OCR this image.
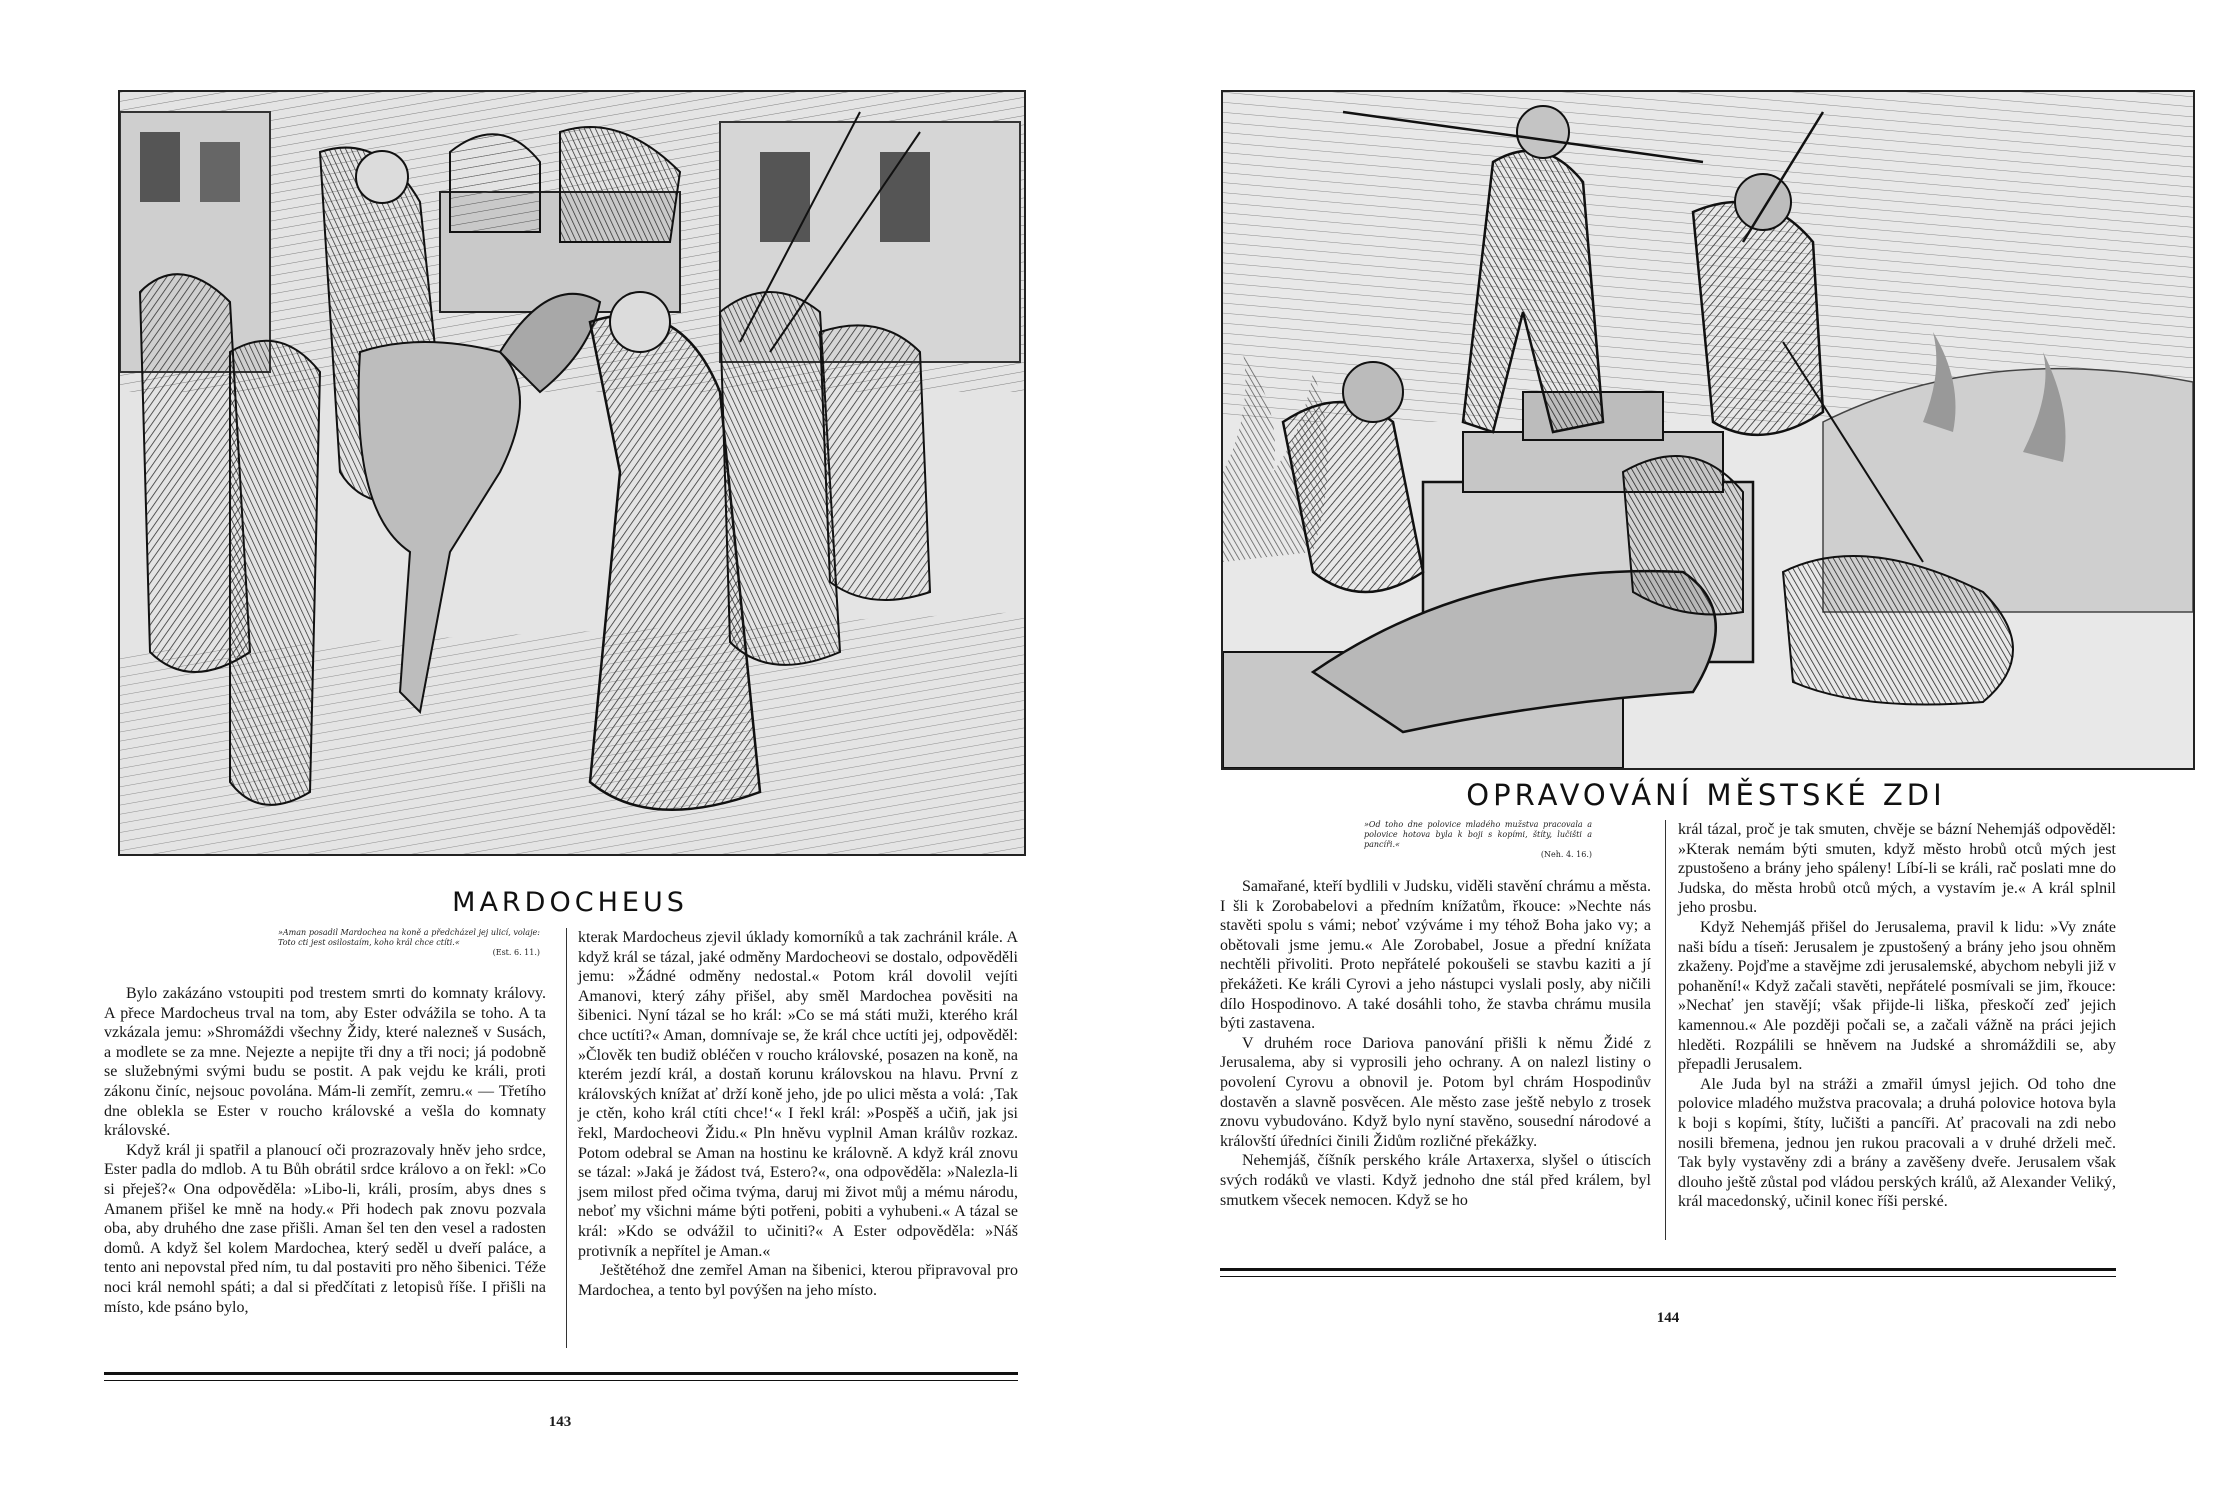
MARDOCHEUS
»Aman posadil Mardochea na koně a předcházel jej ulicí, volaje: Toto cti jest osilostaím, koho král chce ctíti.«
(Est. 6. 11.)

Bylo zakázáno vstoupiti pod trestem smrti do komnaty královy. A přece Mardocheus trval na tom, aby Ester odvážila se toho. A ta vzkázala jemu: »Shromáždi všechny Židy, které nalezneš v Susách, a modlete se za mne. Nejezte a nepijte tři dny a tři noci; já podobně se služebnými svými budu se postit. A pak vejdu ke králi, proti zákonu činíc, nejsouc povolána. Mám-li zemřít, zemru.« — Třetího dne oblekla se Ester v roucho královské a vešla do komnaty královské.

Když král ji spatřil a planoucí oči prozrazovaly hněv jeho srdce, Ester padla do mdlob. A tu Bůh obrátil srdce královo a on řekl: »Co si přeješ?« Ona odpověděla: »Libo-li, králi, prosím, abys dnes s Amanem přišel ke mně na hody.« Při hodech pak znovu pozvala oba, aby druhého dne zase přišli. Aman šel ten den vesel a radosten domů. A když šel kolem Mardochea, který seděl u dveří paláce, a tento ani nepovstal před ním, tu dal postaviti pro něho šibenici. Téže noci král nemohl spáti; a dal si předčítati z letopisů říše. I přišli na místo, kde psáno bylo,

kterak Mardocheus zjevil úklady komorníků a tak zachránil krále. A když král se tázal, jaké odměny Mardocheovi se dostalo, odpověděli jemu: »Žádné odměny nedostal.« Potom král dovolil vejíti Amanovi, který záhy přišel, aby směl Mardochea pověsiti na šibenici. Nyní tázal se ho král: »Co se má státi muži, kterého král chce uctíti?« Aman, domnívaje se, že král chce uctíti jej, odpověděl: »Člověk ten budiž obléčen v roucho královské, posazen na koně, na kterém jezdí král, a dostaň korunu královskou na hlavu. První z královských knížat ať drží koně jeho, jde po ulici města a volá: ‚Tak je ctěn, koho král ctíti chce!‘« I řekl král: »Pospěš a učiň, jak jsi řekl, Mardocheovi Židu.« Pln hněvu vyplnil Aman králův rozkaz. Potom odebral se Aman na hostinu ke královně. A když král znovu se tázal: »Jaká je žádost tvá, Estero?«, ona odpověděla: »Nalezla-li jsem milost před očima tvýma, daruj mi život můj a mému národu, neboť my všichni máme býti potřeni, pobiti a vyhubeni.« A tázal se král: »Kdo se odvážil to učiniti?« A Ester odpověděla: »Náš protivník a nepřítel je Aman.«

Ještětéhož dne zemřel Aman na šibenici, kterou připravoval pro Mardochea, a tento byl povýšen na jeho místo.

143
OPRAVOVÁNÍ MĚSTSKÉ ZDI
»Od toho dne polovice mladého mužstva pracovala a polovice hotova byla k boji s kopími, štíty, lučišti a pancíři.«
(Neh. 4. 16.)

Samařané, kteří bydlili v Judsku, viděli stavění chrámu a města. I šli k Zorobabelovi a předním knížatům, řkouce: »Nechte nás stavěti spolu s vámi; neboť vzýváme i my téhož Boha jako vy; a obětovali jsme jemu.« Ale Zorobabel, Josue a přední knížata nechtěli přivoliti. Proto nepřátelé pokoušeli se stavbu kaziti a jí překážeti. Ke králi Cyrovi a jeho nástupci vyslali posly, aby ničili dílo Hospodinovo. A také dosáhli toho, že stavba chrámu musila býti zastavena.

V druhém roce Dariova panování přišli k němu Židé z Jerusalema, aby si vyprosili jeho ochrany. A on nalezl listiny o povolení Cyrovu a obnovil je. Potom byl chrám Hospodinův dostavěn a slavně posvěcen. Ale město zase ještě nebylo z trosek znovu vybudováno. Když bylo nyní stavěno, sousední národové a královští úředníci činili Židům rozličné překážky.

Nehemjáš, číšník perského krále Artaxerxa, slyšel o útiscích svých rodáků ve vlasti. Když jednoho dne stál před králem, byl smutkem všecek nemocen. Když se ho

král tázal, proč je tak smuten, chvěje se bázní Nehemjáš odpověděl: »Kterak nemám býti smuten, když město hrobů otců mých jest zpustošeno a brány jeho spáleny! Líbí-li se králi, rač poslati mne do Judska, do města hrobů otců mých, a vystavím je.« A král splnil jeho prosbu.

Když Nehemjáš přišel do Jerusalema, pravil k lidu: »Vy znáte naši bídu a tíseň: Jerusalem je zpustošený a brány jeho jsou ohněm zkaženy. Pojďme a stavějme zdi jerusalemské, abychom nebyli již v pohanění!« Když začali stavěti, nepřátelé posmívali se jim, řkouce: »Nechať jen stavějí; však přijde-li liška, přeskočí zeď jejich kamennou.« Ale později počali se, a začali vážně na práci jejich hleděti. Rozpálili se hněvem na Judské a shromáždili se, aby přepadli Jerusalem.

Ale Juda byl na stráži a zmařil úmysl jejich. Od toho dne polovice mladého mužstva pracovala; a druhá polovice hotova byla k boji s kopími, štíty, lučišti a pancíři. Ať pracovali na zdi nebo nosili břemena, jednou jen rukou pracovali a v druhé drželi meč. Tak byly vystavěny zdi a brány a zavěšeny dveře. Jerusalem však dlouho ještě zůstal pod vládou perských králů, až Alexander Veliký, král macedonský, učinil konec říši perské.

144
